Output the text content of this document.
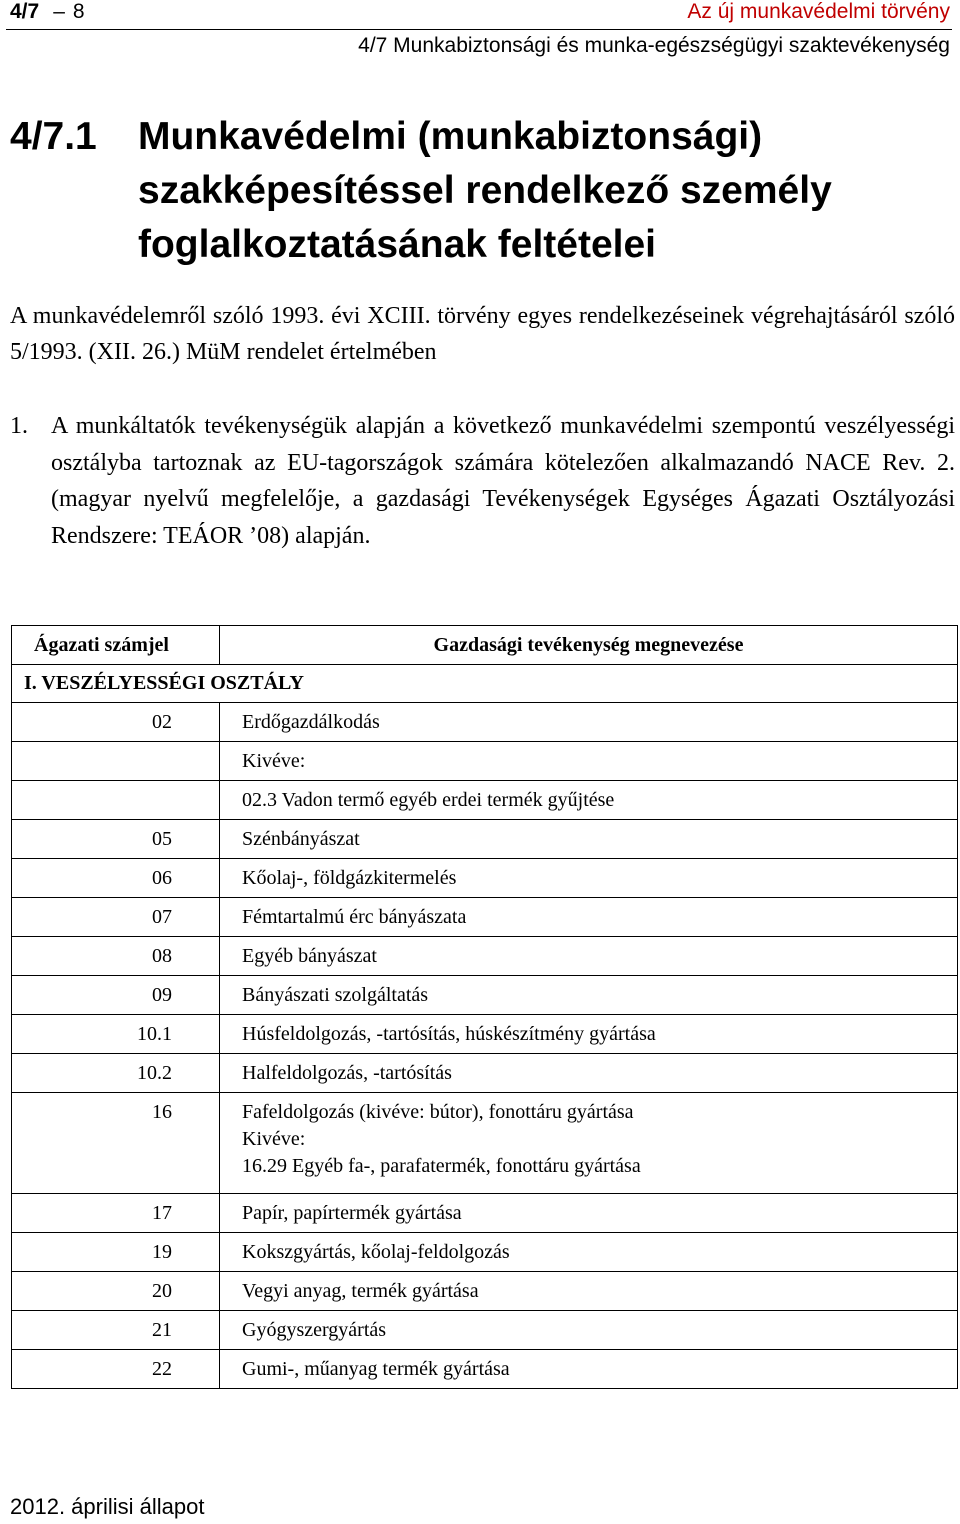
4/7 – 8	Az új munkavédelmi törvény
4/7 Munkabiztonsági és munka-egészségügyi szaktevékenység
4/7.1 Munkavédelmi (munkabiztonsági) szakképesítéssel rendelkező személy foglalkoztatásának feltételei
A munkavédelemről szóló 1993. évi XCIII. törvény egyes rendelkezéseinek végrehajtásáról szóló 5/1993. (XII. 26.) MüM rendelet értelmében
1. A munkáltatók tevékenységük alapján a következő munkavédelmi szempontú veszélyességi osztályba tartoznak az EU-tagországok számára kötelezően alkalmazandó NACE Rev. 2. (magyar nyelvű megfelelője, a gazdasági Tevékenységek Egységes Ágazati Osztályozási Rendszere: TEÁOR ’08) alapján.
Ágazati számjel	Gazdasági tevékenység megnevezése
I. VESZÉLYESSÉGI OSZTÁLY	
02	Erdőgazdálkodás
	Kivéve:
	02.3 Vadon termő egyéb erdei termék gyűjtése
05	Szénbányászat
06	Kőolaj-, földgázkitermelés
07	Fémtartalmú érc bányászata
08	Egyéb bányászat
09	Bányászati szolgáltatás
10.1	Húsfeldolgozás, -tartósítás, húskészítmény gyártása
10.2	Halfeldolgozás, -tartósítás
16	Fafeldolgozás (kivéve: bútor), fonottáru gyártása
Kivéve:
16.29 Egyéb fa-, parafatermék, fonottáru gyártása

17	Papír, papírtermék gyártása
19	Kokszgyártás, kőolaj-feldolgozás
20	Vegyi anyag, termék gyártása
21	Gyógyszergyártás
22	Gumi-, műanyag termék gyártása
2012. áprilisi állapot
